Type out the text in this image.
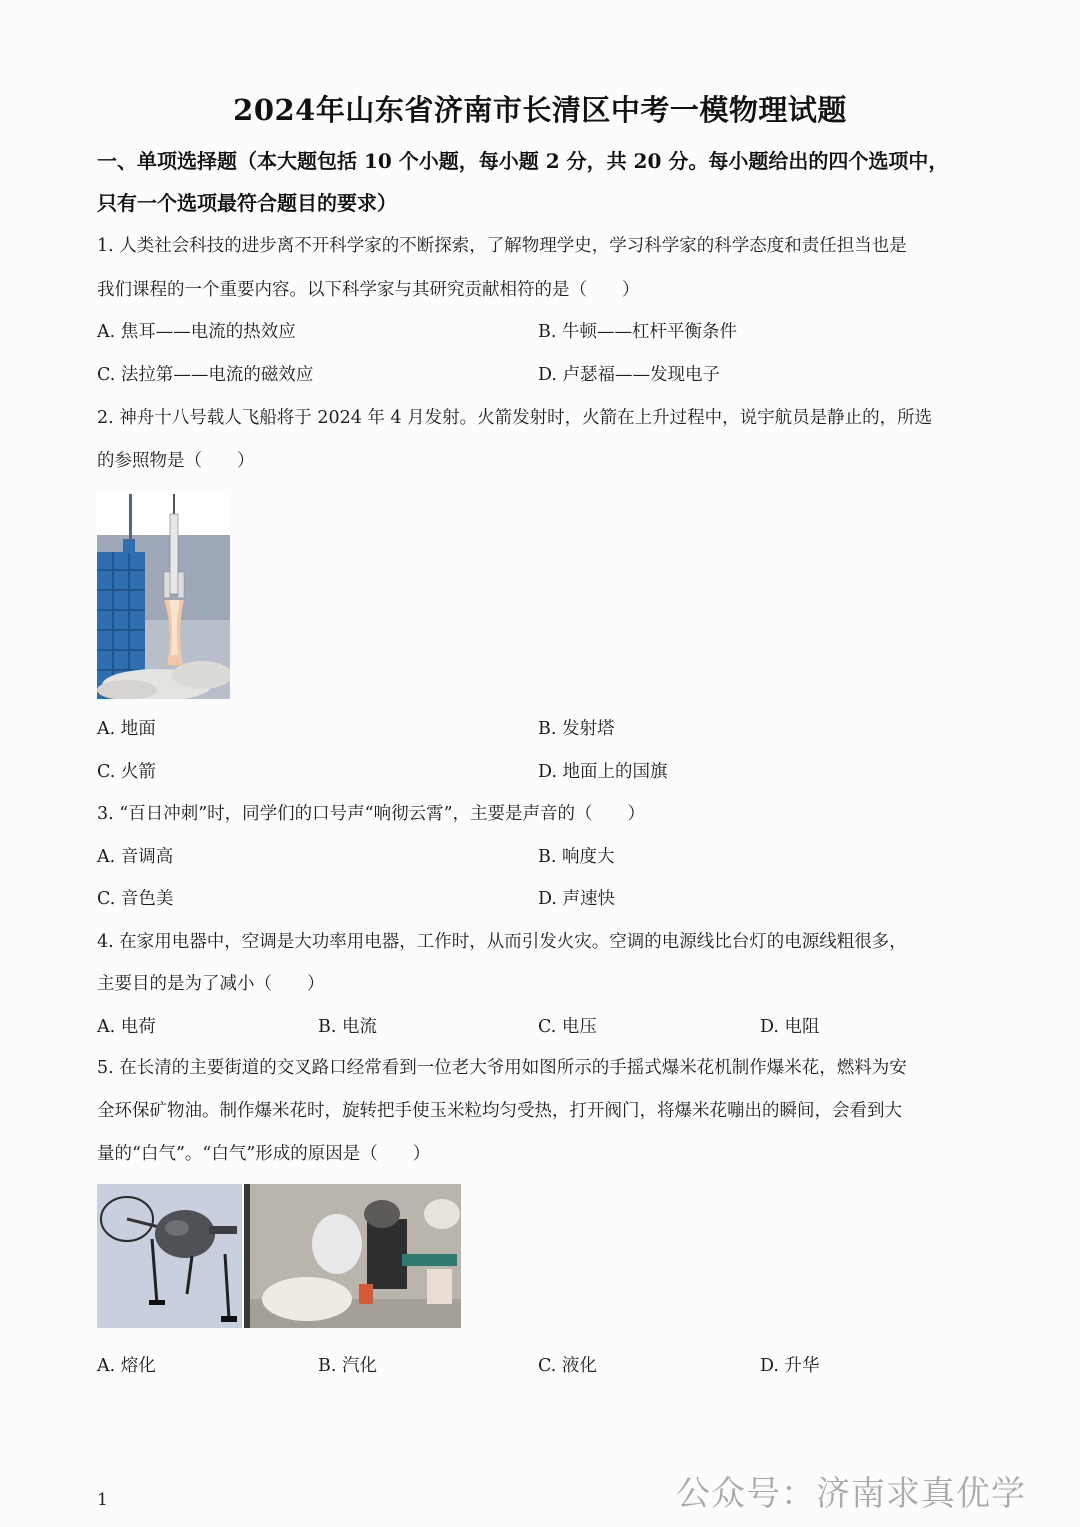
2024年山东省济南市长清区中考一模物理试题
一、单项选择题（本大题包括 10 个小题，每小题 2 分，共 20 分。每小题给出的四个选项中，
只有一个选项最符合题目的要求）
1. 人类社会科技的进步离不开科学家的不断探索，了解物理学史，学习科学家的科学态度和责任担当也是
我们课程的一个重要内容。以下科学家与其研究贡献相符的是（　　）
A. 焦耳——电流的热效应	B. 牛顿——杠杆平衡条件
C. 法拉第——电流的磁效应	D. 卢瑟福——发现电子
2. 神舟十八号载人飞船将于 2024 年 4 月发射。火箭发射时，火箭在上升过程中，说宇航员是静止的，所选
的参照物是（　　）
A. 地面	B. 发射塔
C. 火箭	D. 地面上的国旗
3. “百日冲刺”时，同学们的口号声“响彻云霄”，主要是声音的（　　）
A. 音调高	B. 响度大
C. 音色美	D. 声速快
4. 在家用电器中，空调是大功率用电器，工作时，从而引发火灾。空调的电源线比台灯的电源线粗很多，
主要目的是为了减小（　　）
A. 电荷	B. 电流	C. 电压	D. 电阻
5. 在长清的主要街道的交叉路口经常看到一位老大爷用如图所示的手摇式爆米花机制作爆米花，燃料为安
全环保矿物油。制作爆米花时，旋转把手使玉米粒均匀受热，打开阀门，将爆米花嘣出的瞬间，会看到大
量的“白气”。“白气”形成的原因是（　　）
A. 熔化	B. 汽化	C. 液化	D. 升华
1	公众号：济南求真优学
